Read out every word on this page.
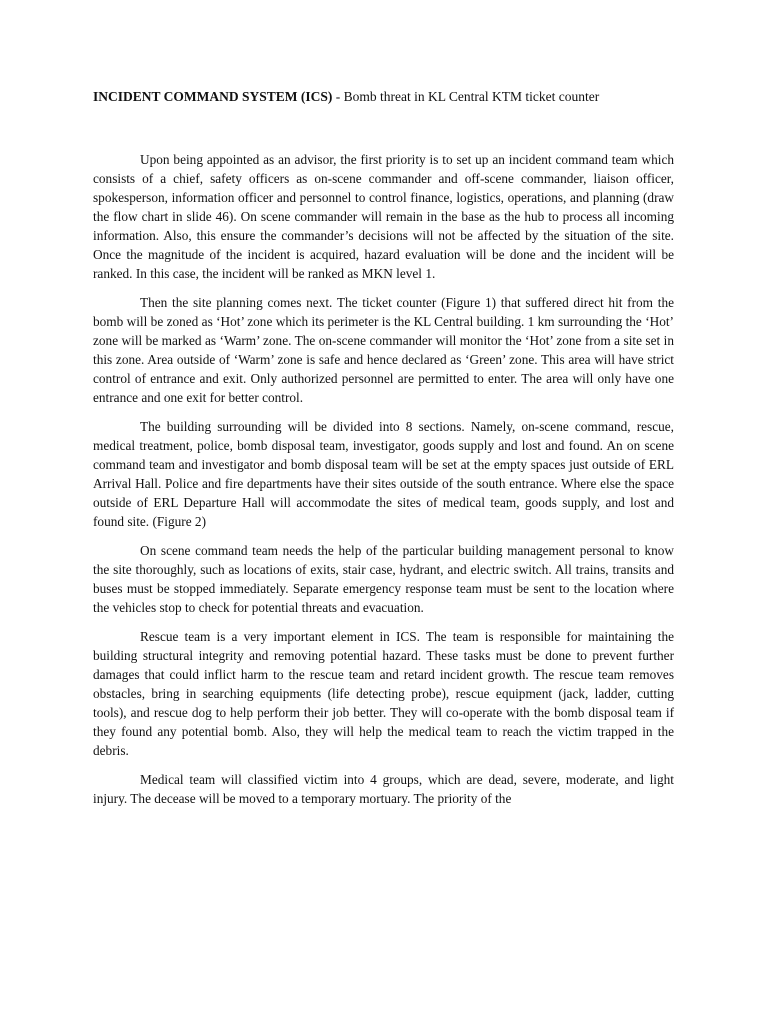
INCIDENT COMMAND SYSTEM (ICS) - Bomb threat in KL Central KTM ticket counter

Upon being appointed as an advisor, the first priority is to set up an incident command team which consists of a chief, safety officers as on-scene commander and off-scene commander, liaison officer, spokesperson, information officer and personnel to control finance, logistics, operations, and planning (draw the flow chart in slide 46). On scene commander will remain in the base as the hub to process all incoming information. Also, this ensure the commander’s decisions will not be affected by the situation of the site. Once the magnitude of the incident is acquired, hazard evaluation will be done and the incident will be ranked. In this case, the incident will be ranked as MKN level 1.

Then the site planning comes next. The ticket counter (Figure 1) that suffered direct hit from the bomb will be zoned as ‘Hot’ zone which its perimeter is the KL Central building. 1 km surrounding the ‘Hot’ zone will be marked as ‘Warm’ zone. The on-scene commander will monitor the ‘Hot’ zone from a site set in this zone. Area outside of ‘Warm’ zone is safe and hence declared as ‘Green’ zone. This area will have strict control of entrance and exit. Only authorized personnel are permitted to enter. The area will only have one entrance and one exit for better control.

The building surrounding will be divided into 8 sections. Namely, on-scene command, rescue, medical treatment, police, bomb disposal team, investigator, goods supply and lost and found. An on scene command team and investigator and bomb disposal team will be set at the empty spaces just outside of ERL Arrival Hall. Police and fire departments have their sites outside of the south entrance. Where else the space outside of ERL Departure Hall will accommodate the sites of medical team, goods supply, and lost and found site. (Figure 2)

On scene command team needs the help of the particular building management personal to know the site thoroughly, such as locations of exits, stair case, hydrant, and electric switch. All trains, transits and buses must be stopped immediately. Separate emergency response team must be sent to the location where the vehicles stop to check for potential threats and evacuation.

Rescue team is a very important element in ICS. The team is responsible for maintaining the building structural integrity and removing potential hazard. These tasks must be done to prevent further damages that could inflict harm to the rescue team and retard incident growth. The rescue team removes obstacles, bring in searching equipments (life detecting probe), rescue equipment (jack, ladder, cutting tools), and rescue dog to help perform their job better. They will co-operate with the bomb disposal team if they found any potential bomb. Also, they will help the medical team to reach the victim trapped in the debris.

Medical team will classified victim into 4 groups, which are dead, severe, moderate, and light injury. The decease will be moved to a temporary mortuary. The priority of the
